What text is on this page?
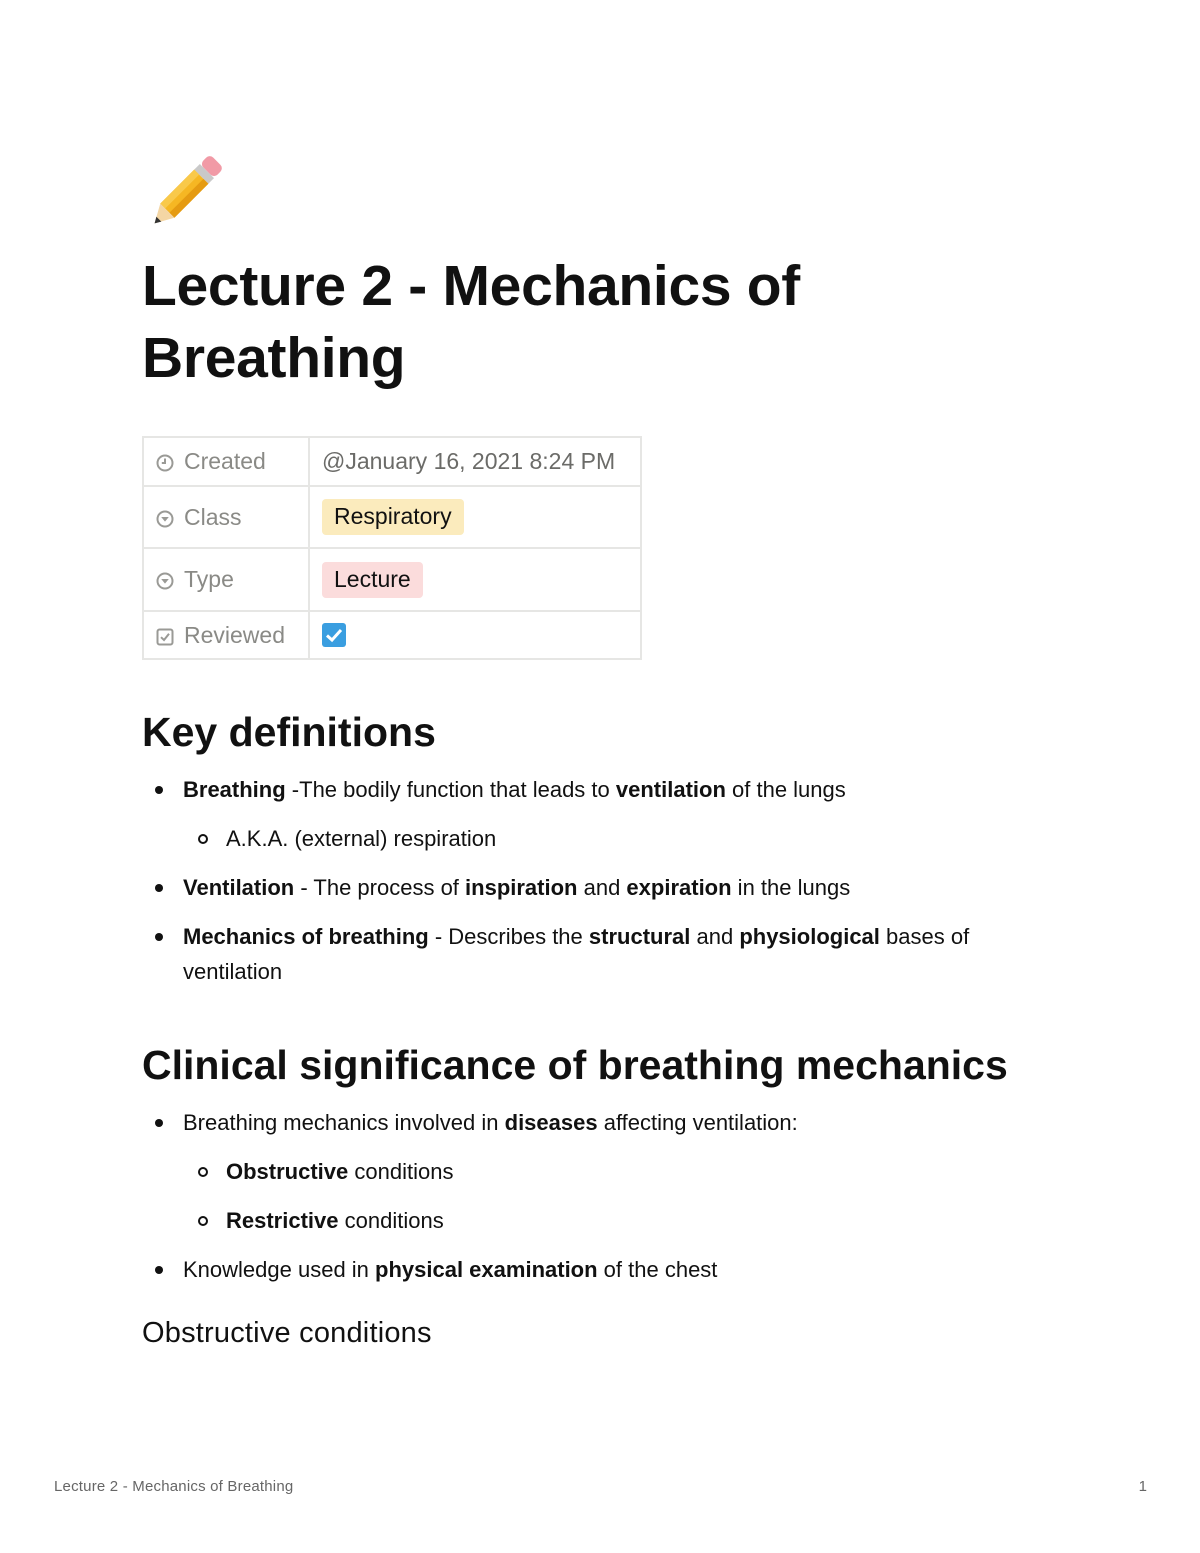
Lecture 2 - Mechanics of Breathing
Created	@January 16, 2021 8:24 PM
Class	Respiratory
Type	Lecture
Reviewed	
Key definitions
Breathing -The bodily function that leads to ventilation of the lungs
A.K.A. (external) respiration
Ventilation - The process of inspiration and expiration in the lungs
Mechanics of breathing - Describes the structural and physiological bases of ventilation
Clinical significance of breathing mechanics
Breathing mechanics involved in diseases affecting ventilation:
Obstructive conditions
Restrictive conditions
Knowledge used in physical examination of the chest
Obstructive conditions
Lecture 2 - Mechanics of Breathing	1
